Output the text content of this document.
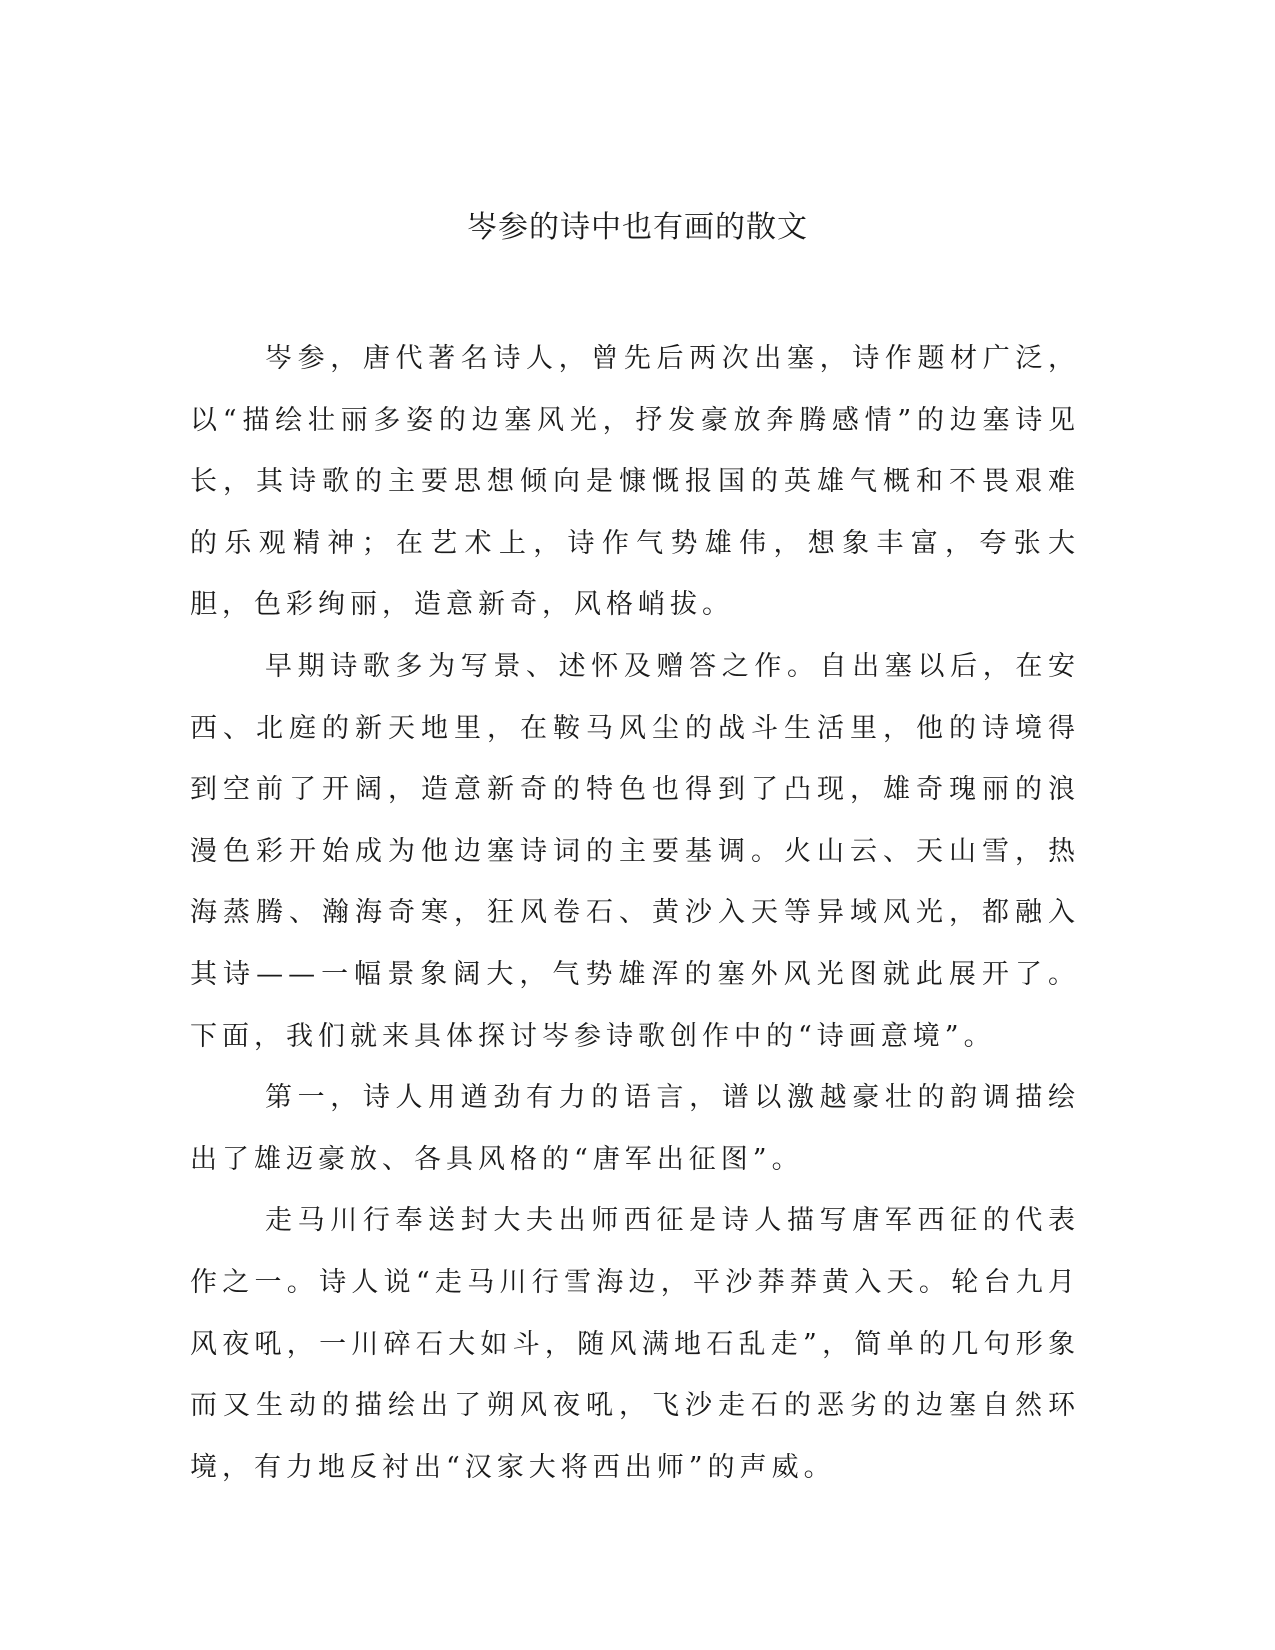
岑参的诗中也有画的散文

岑参，唐代著名诗人，曾先后两次出塞，诗作题材广泛，以“描绘壮丽多姿的边塞风光，抒发豪放奔腾感情”的边塞诗见长，其诗歌的主要思想倾向是慷慨报国的英雄气概和不畏艰难的乐观精神；在艺术上，诗作气势雄伟，想象丰富，夸张大胆，色彩绚丽，造意新奇，风格峭拔。

早期诗歌多为写景、述怀及赠答之作。自出塞以后，在安西、北庭的新天地里，在鞍马风尘的战斗生活里，他的诗境得到空前了开阔，造意新奇的特色也得到了凸现，雄奇瑰丽的浪漫色彩开始成为他边塞诗词的主要基调。火山云、天山雪，热海蒸腾、瀚海奇寒，狂风卷石、黄沙入天等异域风光，都融入其诗——一幅景象阔大，气势雄浑的塞外风光图就此展开了。下面，我们就来具体探讨岑参诗歌创作中的“诗画意境”。

第一，诗人用遒劲有力的语言，谱以激越豪壮的韵调描绘出了雄迈豪放、各具风格的“唐军出征图”。

走马川行奉送封大夫出师西征是诗人描写唐军西征的代表作之一。诗人说“走马川行雪海边，平沙莽莽黄入天。轮台九月风夜吼，一川碎石大如斗，随风满地石乱走”，简单的几句形象而又生动的描绘出了朔风夜吼，飞沙走石的恶劣的边塞自然环境，有力地反衬出“汉家大将西出师”的声威。
